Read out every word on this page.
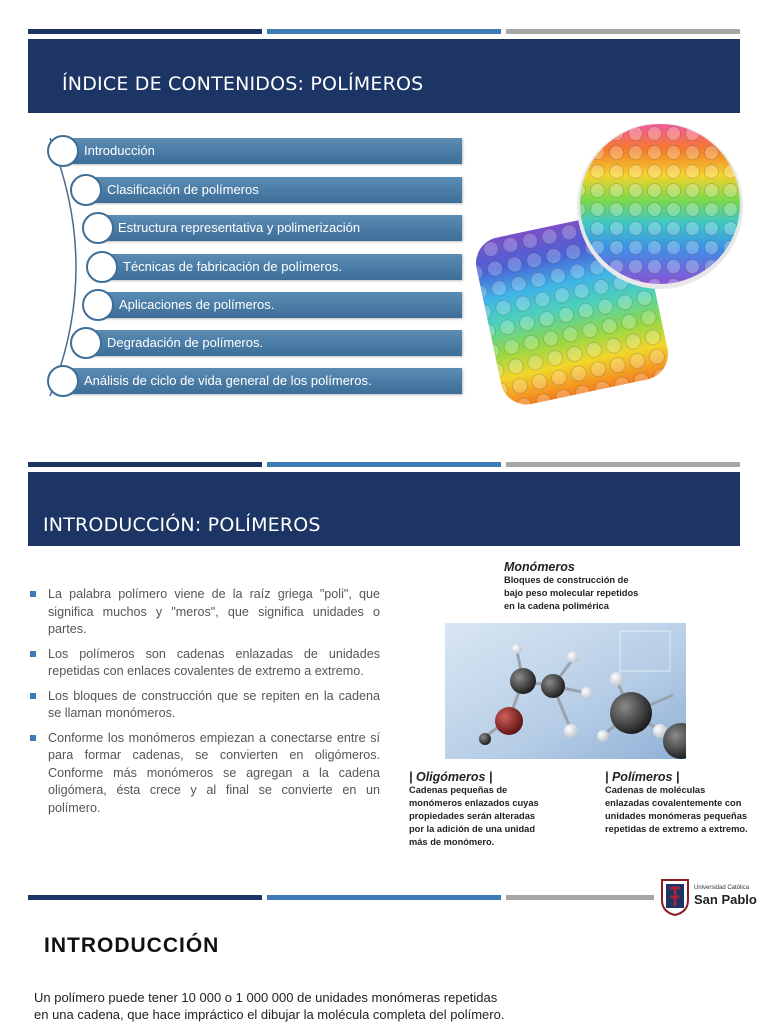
ÍNDICE DE CONTENIDOS: POLÍMEROS
Introducción
Clasificación de polímeros
Estructura representativa y polimerización
Técnicas de fabricación de polímeros.
Aplicaciones de polímeros.
Degradación de polímeros.
Análisis de ciclo de vida general de los polímeros.
INTRODUCCIÓN: POLÍMEROS
La palabra polímero viene de la raíz griega "poli", que significa muchos y "meros", que significa unidades o partes.
Los polímeros son cadenas enlazadas de unidades repetidas con enlaces covalentes de extremo a extremo.
Los bloques de construcción que se repiten en la cadena se llaman monómeros.
Conforme los monómeros empiezan a conectarse entre sí para formar cadenas, se convierten en oligómeros. Conforme más monómeros se agregan a la cadena oligómera, ésta crece y al final se convierte en un polímero.
Monómeros
Bloques de construcción de
bajo peso molecular repetidos
en la cadena polimérica
| Oligómeros |
Cadenas pequeñas de
monómeros enlazados cuyas
propiedades serán alteradas
por la adición de una unidad
más de monómero.
| Polímeros |
Cadenas de moléculas
enlazadas covalentemente con
unidades monómeras pequeñas
repetidas de extremo a extremo.
Universidad Católica
San Pablo
INTRODUCCIÓN
Un polímero puede tener 10 000 o 1 000 000 de unidades monómeras repetidas
en una cadena, que hace impráctico el dibujar la molécula completa del polímero.
